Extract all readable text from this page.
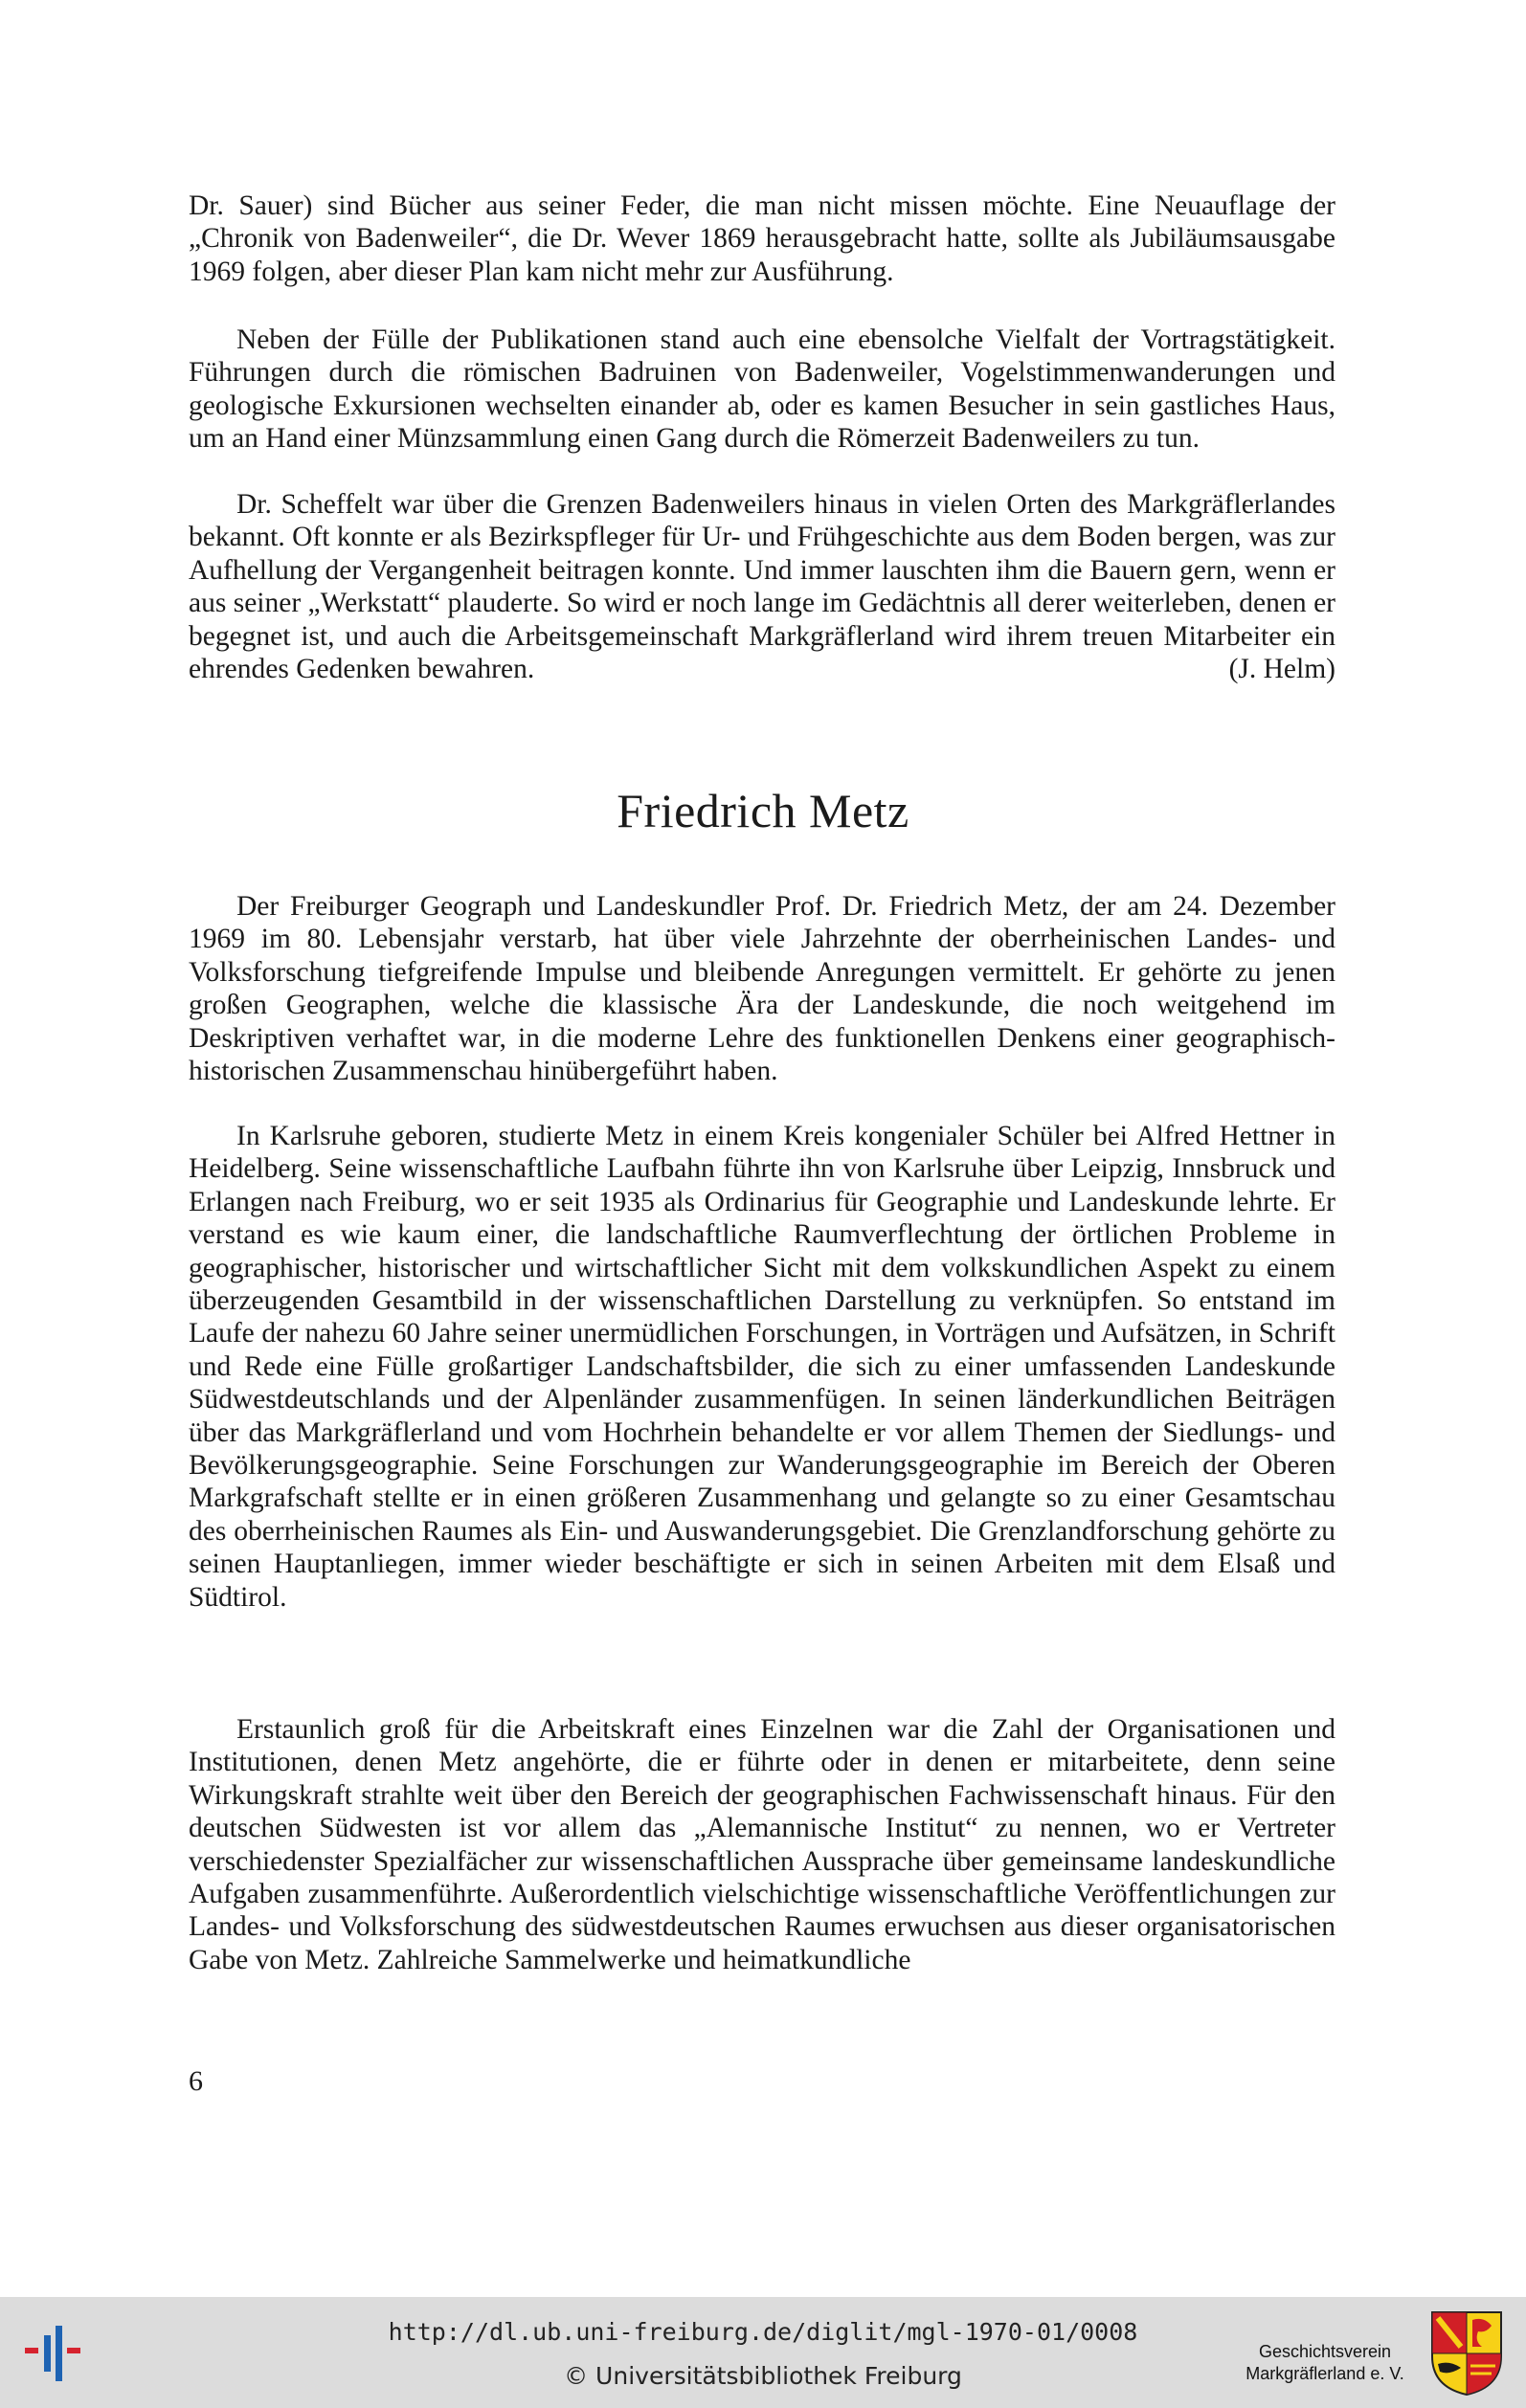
Dr. Sauer) sind Bücher aus seiner Feder, die man nicht missen möchte. Eine Neuauflage der „Chronik von Badenweiler“, die Dr. Wever 1869 herausgebracht hatte, sollte als Jubiläumsausgabe 1969 folgen, aber dieser Plan kam nicht mehr zur Ausführung.

Neben der Fülle der Publikationen stand auch eine ebensolche Vielfalt der Vortragstätigkeit. Führungen durch die römischen Badruinen von Badenweiler, Vogelstimmenwanderungen und geologische Exkursionen wechselten einander ab, oder es kamen Besucher in sein gastliches Haus, um an Hand einer Münzsammlung einen Gang durch die Römerzeit Badenweilers zu tun.

Dr. Scheffelt war über die Grenzen Badenweilers hinaus in vielen Orten des Markgräflerlandes bekannt. Oft konnte er als Bezirkspfleger für Ur- und Frühgeschichte aus dem Boden bergen, was zur Aufhellung der Vergangenheit beitragen konnte. Und immer lauschten ihm die Bauern gern, wenn er aus seiner „Werkstatt“ plauderte. So wird er noch lange im Gedächtnis all derer weiterleben, denen er begegnet ist, und auch die Arbeitsgemeinschaft Markgräflerland wird ihrem treuen Mitarbeiter ein ehrendes Gedenken bewahren.	(J. Helm)

Friedrich Metz

Der Freiburger Geograph und Landeskundler Prof. Dr. Friedrich Metz, der am 24. Dezember 1969 im 80. Lebensjahr verstarb, hat über viele Jahrzehnte der oberrheinischen Landes- und Volksforschung tiefgreifende Impulse und bleibende Anregungen vermittelt. Er gehörte zu jenen großen Geographen, welche die klassische Ära der Landeskunde, die noch weitgehend im Deskriptiven verhaftet war, in die moderne Lehre des funktionellen Denkens einer geographisch-historischen Zusammenschau hinübergeführt haben.

In Karlsruhe geboren, studierte Metz in einem Kreis kongenialer Schüler bei Alfred Hettner in Heidelberg. Seine wissenschaftliche Laufbahn führte ihn von Karlsruhe über Leipzig, Innsbruck und Erlangen nach Freiburg, wo er seit 1935 als Ordinarius für Geographie und Landeskunde lehrte. Er verstand es wie kaum einer, die landschaftliche Raumverflechtung der örtlichen Probleme in geographischer, historischer und wirtschaftlicher Sicht mit dem volkskundlichen Aspekt zu einem überzeugenden Gesamtbild in der wissenschaftlichen Darstellung zu verknüpfen. So entstand im Laufe der nahezu 60 Jahre seiner unermüdlichen Forschungen, in Vorträgen und Aufsätzen, in Schrift und Rede eine Fülle großartiger Landschaftsbilder, die sich zu einer umfassenden Landeskunde Südwestdeutschlands und der Alpenländer zusammenfügen. In seinen länderkundlichen Beiträgen über das Markgräflerland und vom Hochrhein behandelte er vor allem Themen der Siedlungs- und Bevölkerungsgeographie. Seine Forschungen zur Wanderungsgeographie im Bereich der Oberen Markgrafschaft stellte er in einen größeren Zusammenhang und gelangte so zu einer Gesamtschau des oberrheinischen Raumes als Ein- und Auswanderungsgebiet. Die Grenzlandforschung gehörte zu seinen Hauptanliegen, immer wieder beschäftigte er sich in seinen Arbeiten mit dem Elsaß und Südtirol.

Erstaunlich groß für die Arbeitskraft eines Einzelnen war die Zahl der Organisationen und Institutionen, denen Metz angehörte, die er führte oder in denen er mitarbeitete, denn seine Wirkungskraft strahlte weit über den Bereich der geographischen Fachwissenschaft hinaus. Für den deutschen Südwesten ist vor allem das „Alemannische Institut“ zu nennen, wo er Vertreter verschiedenster Spezialfächer zur wissenschaftlichen Aussprache über gemeinsame landeskundliche Aufgaben zusammenführte. Außerordentlich vielschichtige wissenschaftliche Veröffentlichungen zur Landes- und Volksforschung des südwestdeutschen Raumes erwuchsen aus dieser organisatorischen Gabe von Metz. Zahlreiche Sammelwerke und heimatkundliche

6
http://dl.ub.uni-freiburg.de/diglit/mgl-1970-01/0008
© Universitätsbibliothek Freiburg
Geschichtsverein
Markgräflerland e. V.
